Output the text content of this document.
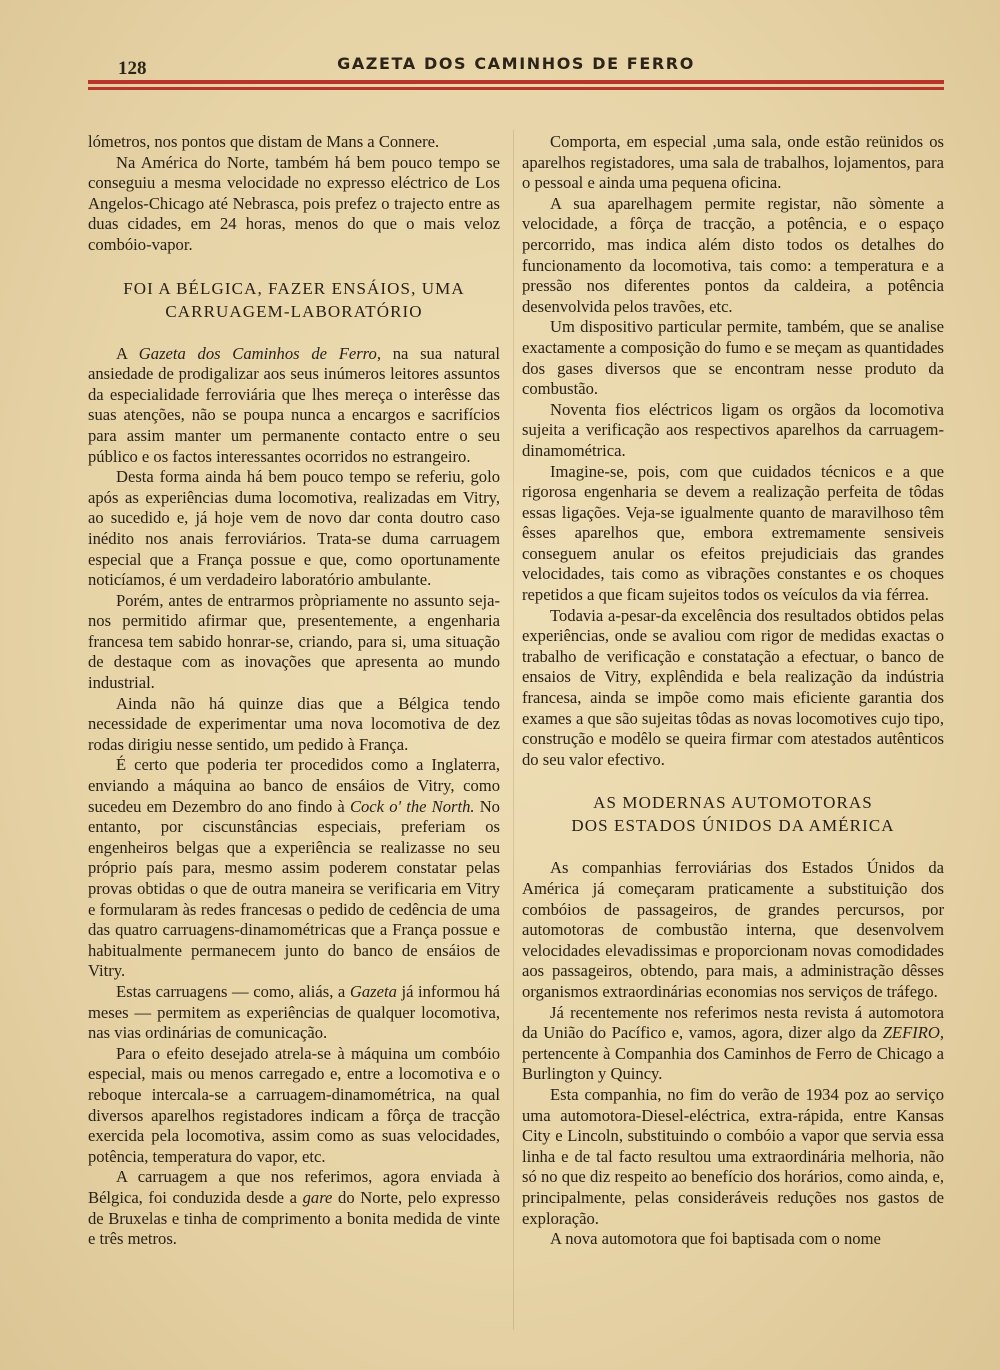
128	GAZETA DOS CAMINHOS DE FERRO

lómetros, nos pontos que distam de Mans a Connere.

Na América do Norte, também há bem pouco tempo se conseguiu a mesma velocidade no expresso eléctrico de Los Angelos-Chicago até Nebrasca, pois prefez o trajecto entre as duas cidades, em 24 horas, menos do que o mais veloz combóio-vapor.

FOI A BÉLGICA, FAZER ENSÁIOS, UMA
CARRUAGEM-LABORATÓRIO

A Gazeta dos Caminhos de Ferro, na sua natural ansiedade de prodigalizar aos seus inúmeros leitores assuntos da especialidade ferroviária que lhes mereça o interêsse das suas atenções, não se poupa nunca a encargos e sacrifícios para assim manter um permanente contacto entre o seu público e os factos interessantes ocorridos no estrangeiro.

Desta forma ainda há bem pouco tempo se referiu, golo após as experiências duma locomotiva, realizadas em Vitry, ao sucedido e, já hoje vem de novo dar conta doutro caso inédito nos anais ferroviários. Trata-se duma carruagem especial que a França possue e que, como oportunamente noticíamos, é um verdadeiro laboratório ambulante.

Porém, antes de entrarmos pròpriamente no assunto seja-nos permitido afirmar que, presentemente, a engenharia francesa tem sabido honrar-se, criando, para si, uma situação de destaque com as inovações que apresenta ao mundo industrial.

Ainda não há quinze dias que a Bélgica tendo necessidade de experimentar uma nova locomotiva de dez rodas dirigiu nesse sentido, um pedido à França.

É certo que poderia ter procedidos como a Inglaterra, enviando a máquina ao banco de ensáios de Vitry, como sucedeu em Dezembro do ano findo à Cock o' the North. No entanto, por ciscunstâncias especiais, preferiam os engenheiros belgas que a experiência se realizasse no seu próprio país para, mesmo assim poderem constatar pelas provas obtidas o que de outra maneira se verificaria em Vitry e formularam às redes francesas o pedido de cedência de uma das quatro carruagens-dinamométricas que a França possue e habitualmente permanecem junto do banco de ensáios de Vitry.

Estas carruagens — como, aliás, a Gazeta já informou há meses — permitem as experiências de qualquer locomotiva, nas vias ordinárias de comunicação.

Para o efeito desejado atrela-se à máquina um combóio especial, mais ou menos carregado e, entre a locomotiva e o reboque intercala-se a carruagem-dinamométrica, na qual diversos aparelhos registadores indicam a fôrça de tracção exercida pela locomotiva, assim como as suas velocidades, potência, temperatura do vapor, etc.

A carruagem a que nos referimos, agora enviada à Bélgica, foi conduzida desde a gare do Norte, pelo expresso de Bruxelas e tinha de comprimento a bonita medida de vinte e três metros.

Comporta, em especial ,uma sala, onde estão reünidos os aparelhos registadores, uma sala de trabalhos, lojamentos, para o pessoal e ainda uma pequena oficina.

A sua aparelhagem permite registar, não sòmente a velocidade, a fôrça de tracção, a potência, e o espaço percorrido, mas indica além disto todos os detalhes do funcionamento da locomotiva, tais como: a temperatura e a pressão nos diferentes pontos da caldeira, a potência desenvolvida pelos travões, etc.

Um dispositivo particular permite, também, que se analise exactamente a composição do fumo e se meçam as quantidades dos gases diversos que se encontram nesse produto da combustão.

Noventa fios eléctricos ligam os orgãos da locomotiva sujeita a verificação aos respectivos aparelhos da carruagem-dinamométrica.

Imagine-se, pois, com que cuidados técnicos e a que rigorosa engenharia se devem a realização perfeita de tôdas essas ligações. Veja-se igualmente quanto de maravilhoso têm êsses aparelhos que, embora extremamente sensiveis conseguem anular os efeitos prejudiciais das grandes velocidades, tais como as vibrações constantes e os choques repetidos a que ficam sujeitos todos os veículos da via férrea.

Todavia a-pesar-da excelência dos resultados obtidos pelas experiências, onde se avaliou com rigor de medidas exactas o trabalho de verificação e constatação a efectuar, o banco de ensaios de Vitry, explêndida e bela realização da indústria francesa, ainda se impõe como mais eficiente garantia dos exames a que são sujeitas tôdas as novas locomotives cujo tipo, construção e modêlo se queira firmar com atestados autênticos do seu valor efectivo.

AS MODERNAS AUTOMOTORAS
DOS ESTADOS ÚNIDOS DA AMÉRICA

As companhias ferroviárias dos Estados Únidos da América já começaram praticamente a substituição dos combóios de passageiros, de grandes percursos, por automotoras de combustão interna, que desenvolvem velocidades elevadissimas e proporcionam novas comodidades aos passageiros, obtendo, para mais, a administração dêsses organismos extraordinárias economias nos serviços de tráfego.

Já recentemente nos referimos nesta revista á automotora da União do Pacífico e, vamos, agora, dizer algo da ZEFIRO, pertencente à Companhia dos Caminhos de Ferro de Chicago a Burlington y Quincy.

Esta companhia, no fim do verão de 1934 poz ao serviço uma automotora-Diesel-eléctrica, extra-rápida, entre Kansas City e Lincoln, substituindo o combóio a vapor que servia essa linha e de tal facto resultou uma extraordinária melhoria, não só no que diz respeito ao benefício dos horários, como ainda, e, principalmente, pelas consideráveis reduções nos gastos de exploração.

A nova automotora que foi baptisada com o nome
